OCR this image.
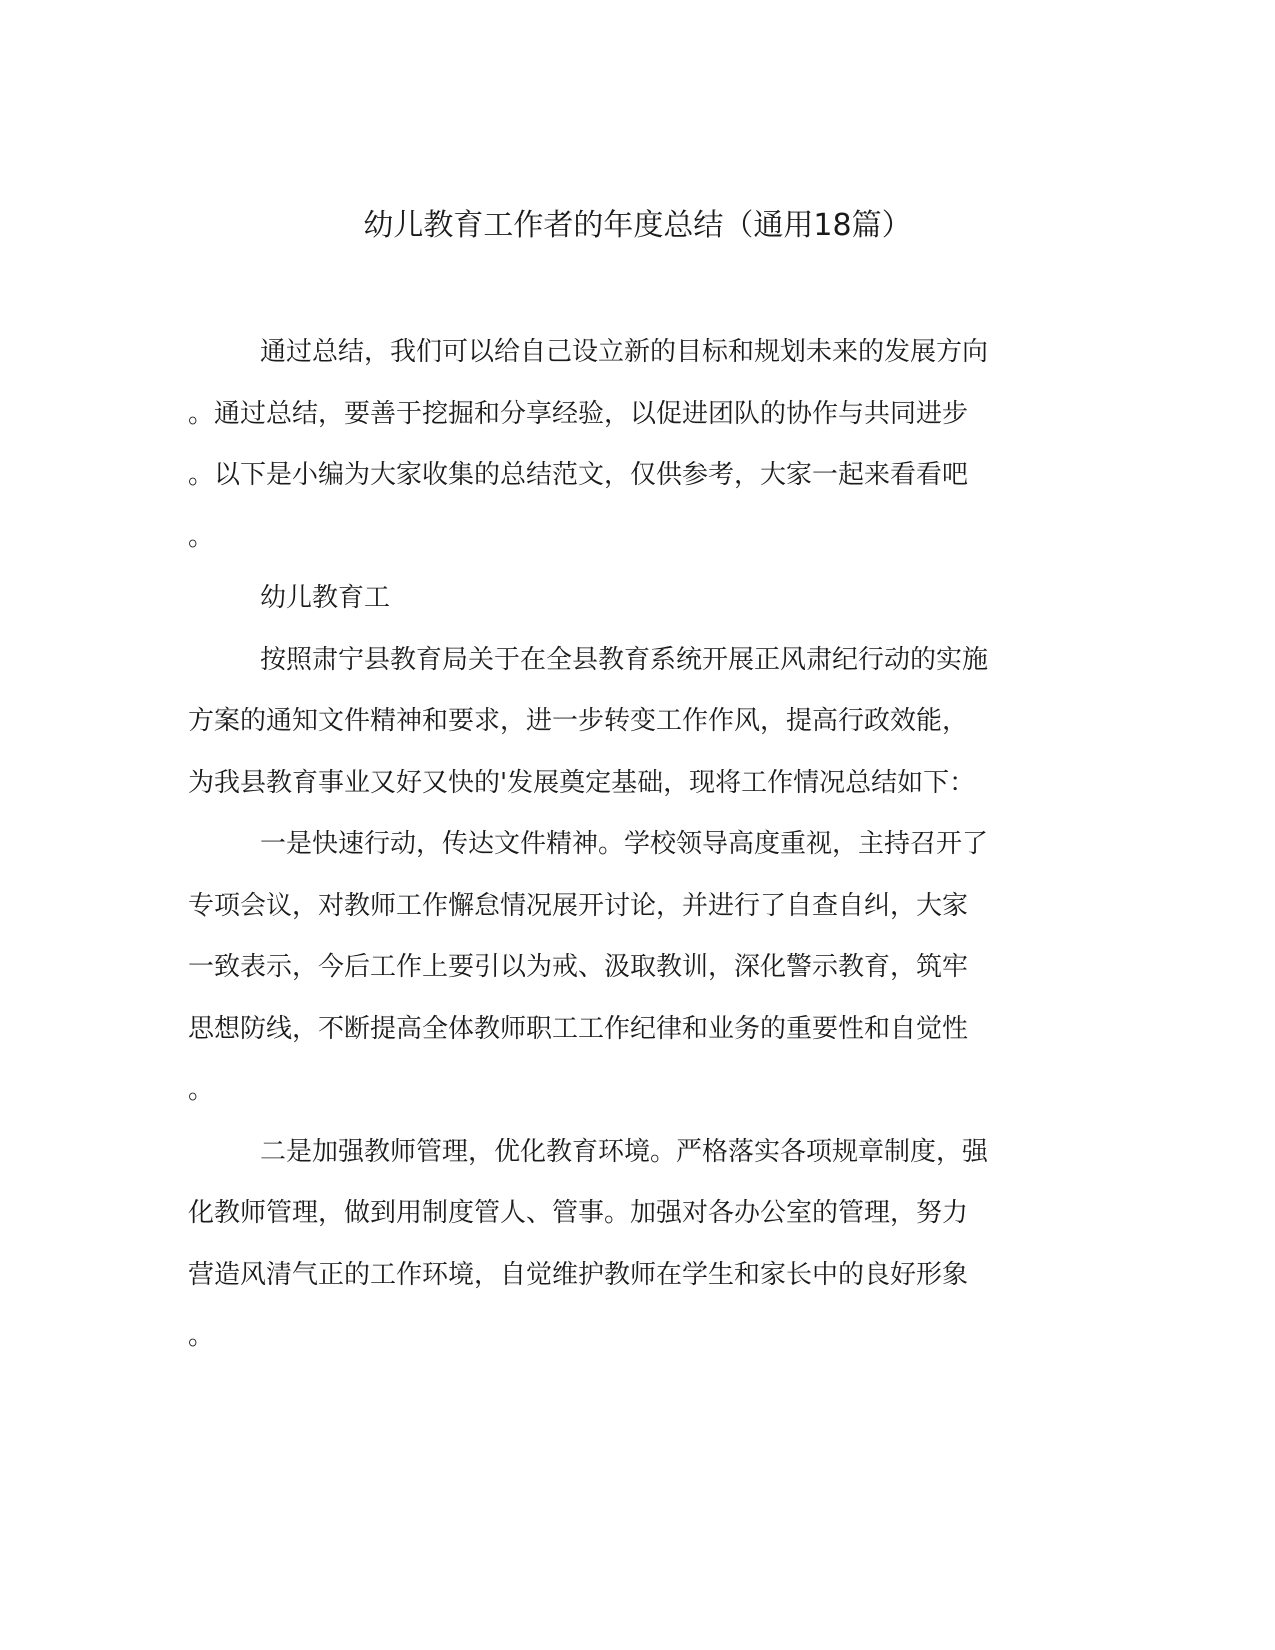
幼儿教育工作者的年度总结（通用18篇）

通过总结，我们可以给自己设立新的目标和规划未来的发展方向
。通过总结，要善于挖掘和分享经验，以促进团队的协作与共同进步
。以下是小编为大家收集的总结范文，仅供参考，大家一起来看看吧
。

幼儿教育工

按照肃宁县教育局关于在全县教育系统开展正风肃纪行动的实施
方案的通知文件精神和要求，进一步转变工作作风，提高行政效能，
为我县教育事业又好又快的'发展奠定基础，现将工作情况总结如下：

一是快速行动，传达文件精神。学校领导高度重视，主持召开了
专项会议，对教师工作懈怠情况展开讨论，并进行了自查自纠，大家
一致表示，今后工作上要引以为戒、汲取教训，深化警示教育，筑牢
思想防线，不断提高全体教师职工工作纪律和业务的重要性和自觉性
。

二是加强教师管理，优化教育环境。严格落实各项规章制度，强
化教师管理，做到用制度管人、管事。加强对各办公室的管理，努力
营造风清气正的工作环境，自觉维护教师在学生和家长中的良好形象
。
